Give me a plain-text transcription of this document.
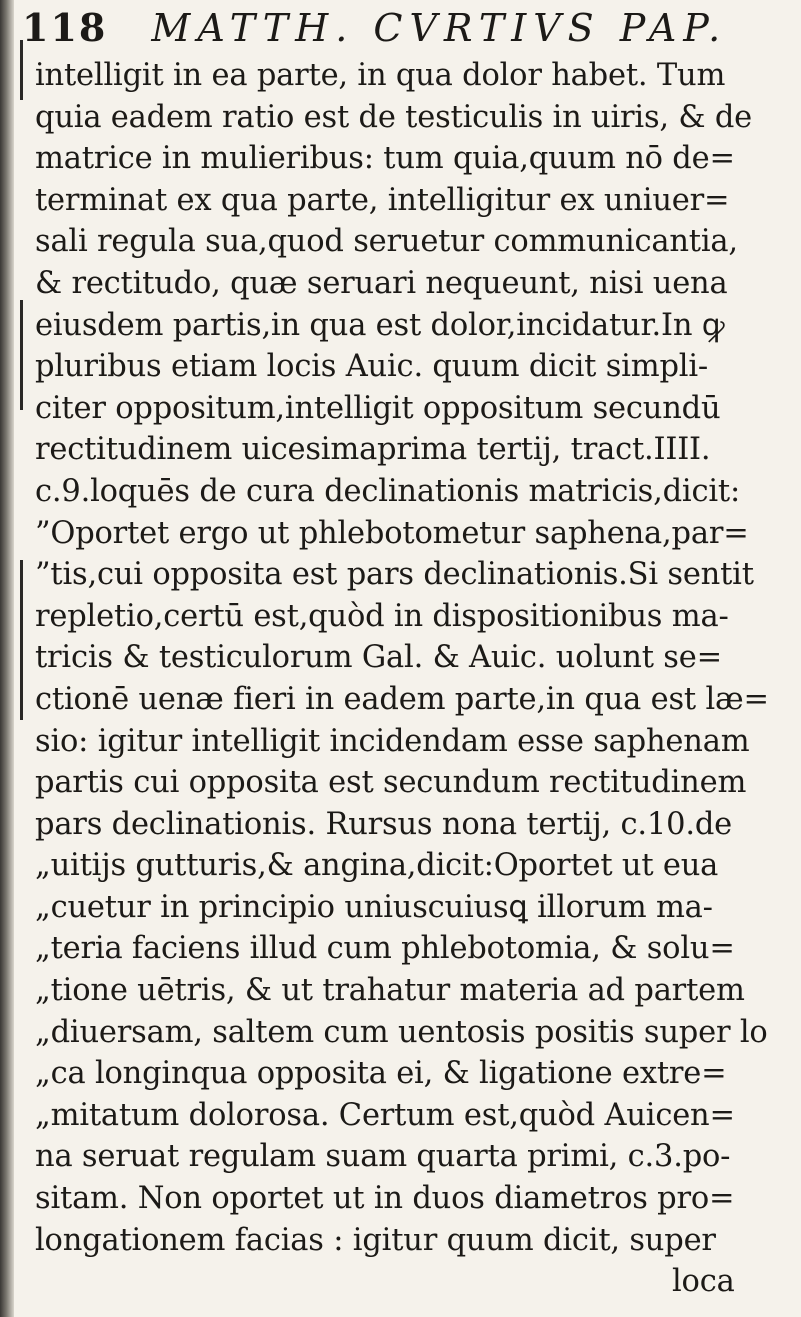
118 MATTH. CVRTIVS PAP.
intelligit in ea parte, in qua dolor habet. Tum
quia eadem ratio est de testiculis in uiris, & de
matrice in mulieribus: tum quia,quum nō de=
terminat ex qua parte, intelligitur ex uniuer=
sali regula sua,quod seruetur communicantia,
& rectitudo, quæ seruari nequeunt, nisi uena
eiusdem partis,in qua est dolor,incidatur.In ꝙ
pluribus etiam locis Auic. quum dicit simpli-
citer oppositum,intelligit oppositum secundū
rectitudinem uicesimaprima tertij, tract.IIII.
c.9.loquēs de cura declinationis matricis,dicit:
”Oportet ergo ut phlebotometur saphena,par=
”tis,cui opposita est pars declinationis.Si sentit
repletio,certū est,quòd in dispositionibus ma-
tricis & testiculorum Gal. & Auic. uolunt se=
ctionē uenæ fieri in eadem parte,in qua est læ=
sio: igitur intelligit incidendam esse saphenam
partis cui opposita est secundum rectitudinem
pars declinationis. Rursus nona tertij, c.10.de
„uitijs gutturis,& angina,dicit:Oportet ut eua
„cuetur in principio uniuscuiusꝗ illorum ma-
„teria faciens illud cum phlebotomia, & solu=
„tione uētris, & ut trahatur materia ad partem
„diuersam, saltem cum uentosis positis super lo
„ca longinqua opposita ei, & ligatione extre=
„mitatum dolorosa. Certum est,quòd Auicen=
na seruat regulam suam quarta primi, c.3.po-
sitam. Non oportet ut in duos diametros pro=
longationem facias : igitur quum dicit, super
loca
